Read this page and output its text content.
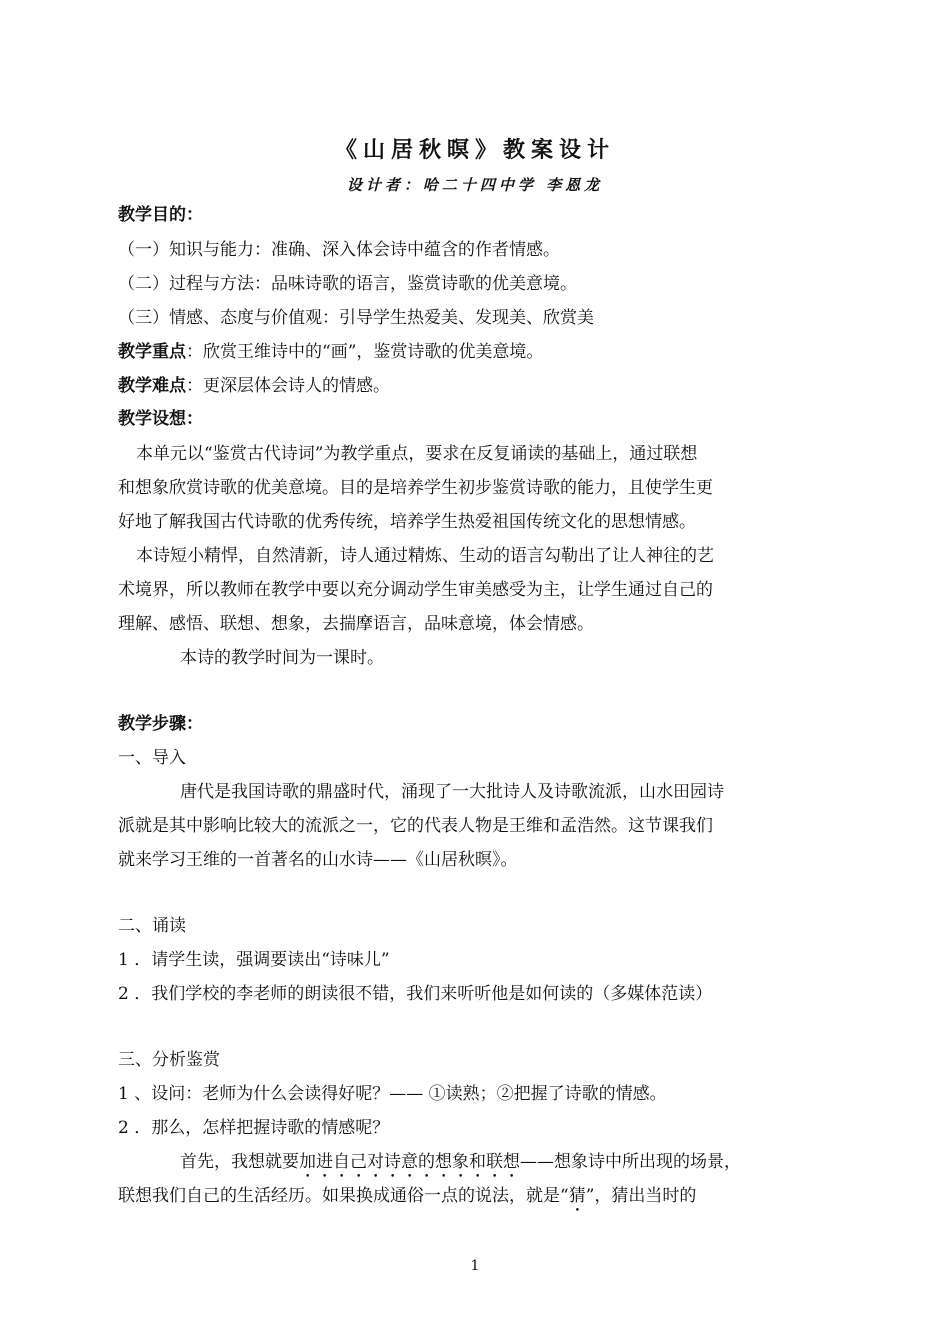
《山居秋暝》教案设计
设计者：哈二十四中学 李恩龙
教学目的：
（一）知识与能力：准确、深入体会诗中蕴含的作者情感。
（二）过程与方法：品味诗歌的语言，鉴赏诗歌的优美意境。
（三）情感、态度与价值观：引导学生热爱美、发现美、欣赏美
教学重点：欣赏王维诗中的“画”，鉴赏诗歌的优美意境。
教学难点：更深层体会诗人的情感。
教学设想：
本单元以“鉴赏古代诗词”为教学重点，要求在反复诵读的基础上，通过联想
和想象欣赏诗歌的优美意境。目的是培养学生初步鉴赏诗歌的能力，且使学生更
好地了解我国古代诗歌的优秀传统，培养学生热爱祖国传统文化的思想情感。
本诗短小精悍，自然清新，诗人通过精炼、生动的语言勾勒出了让人神往的艺
术境界，所以教师在教学中要以充分调动学生审美感受为主，让学生通过自己的
理解、感悟、联想、想象，去揣摩语言，品味意境，体会情感。
本诗的教学时间为一课时。
教学步骤：
一、导入
唐代是我国诗歌的鼎盛时代，涌现了一大批诗人及诗歌流派，山水田园诗
派就是其中影响比较大的流派之一，它的代表人物是王维和孟浩然。这节课我们
就来学习王维的一首著名的山水诗——《山居秋暝》。
二、诵读
1 ．请学生读，强调要读出“诗味儿”
2 ．我们学校的李老师的朗读很不错，我们来听听他是如何读的（多媒体范读）
三、分析鉴赏
1 、设问：老师为什么会读得好呢？—— ①读熟；②把握了诗歌的情感。
2 ．那么，怎样把握诗歌的情感呢？
首先，我想就要加进自己对诗意的想象和联想——想象诗中所出现的场景，
联想我们自己的生活经历。如果换成通俗一点的说法，就是“猜”，猜出当时的
1
